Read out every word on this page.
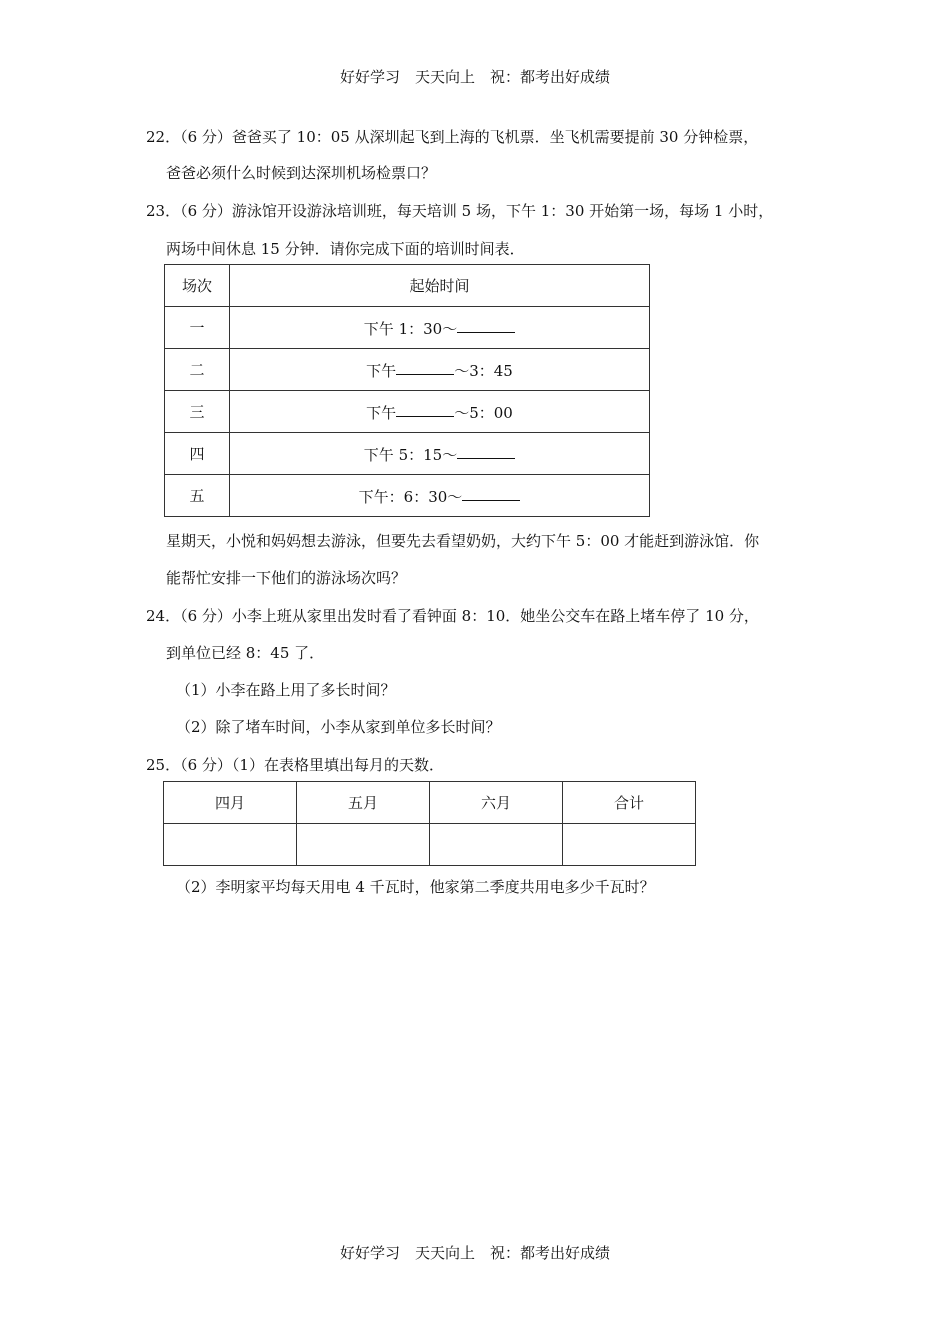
好好学习　天天向上　祝：都考出好成绩
22．（6 分）爸爸买了 10：05 从深圳起飞到上海的飞机票．坐飞机需要提前 30 分钟检票，
爸爸必须什么时候到达深圳机场检票口？
23．（6 分）游泳馆开设游泳培训班，每天培训 5 场，下午 1：30 开始第一场，每场 1 小时，
两场中间休息 15 分钟．请你完成下面的培训时间表．
场次	起始时间
一	下午 1：30～
二	下午 ～3：45
三	下午 ～5：00
四	下午 5：15～
五	下午：6：30～
星期天，小悦和妈妈想去游泳，但要先去看望奶奶，大约下午 5：00 才能赶到游泳馆．你
能帮忙安排一下他们的游泳场次吗？
24．（6 分）小李上班从家里出发时看了看钟面 8：10．她坐公交车在路上堵车停了 10 分，
到单位已经 8：45 了．
（1）小李在路上用了多长时间？
（2）除了堵车时间，小李从家到单位多长时间？
25．（6 分）（1）在表格里填出每月的天数．
四月	五月	六月	合计

（2）李明家平均每天用电 4 千瓦时，他家第二季度共用电多少千瓦时？
好好学习　天天向上　祝：都考出好成绩
